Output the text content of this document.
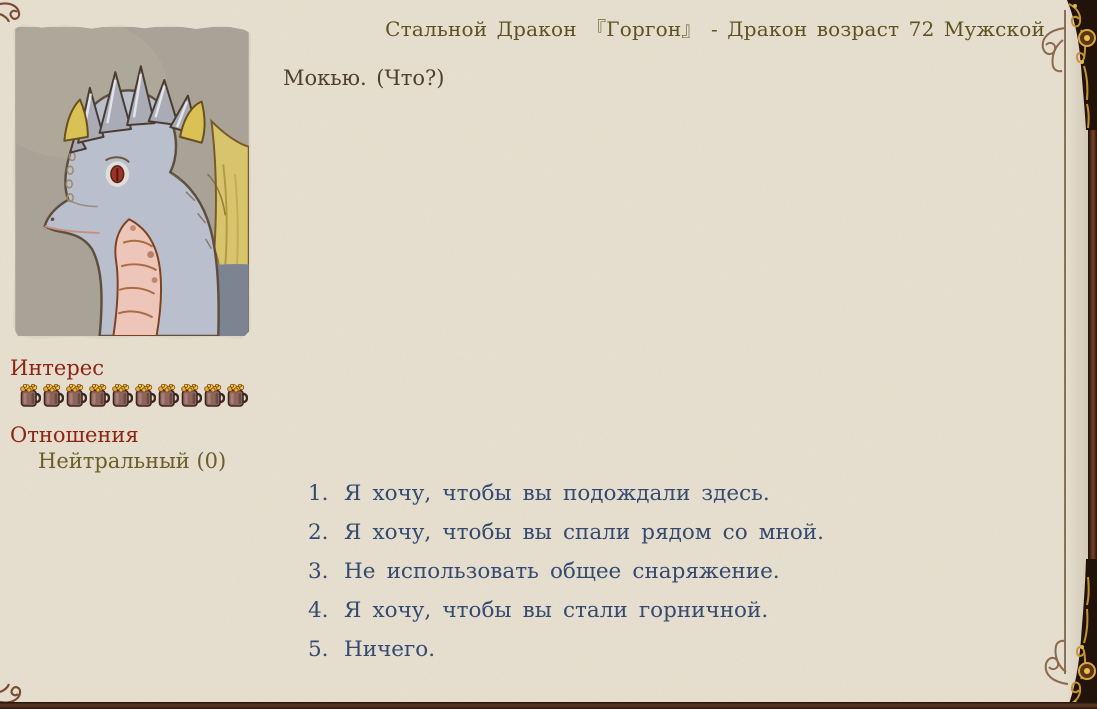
Стальной Дракон 『Горгон』 - Дракон возраст 72 Мужской
Мокью. (Что?)
Интерес
Отношения
Нейтральный (0)
1. Я хочу, чтобы вы подождали здесь.
2. Я хочу, чтобы вы спали рядом со мной.
3. Не использовать общее снаряжение.
4. Я хочу, чтобы вы стали горничной.
5. Ничего.
